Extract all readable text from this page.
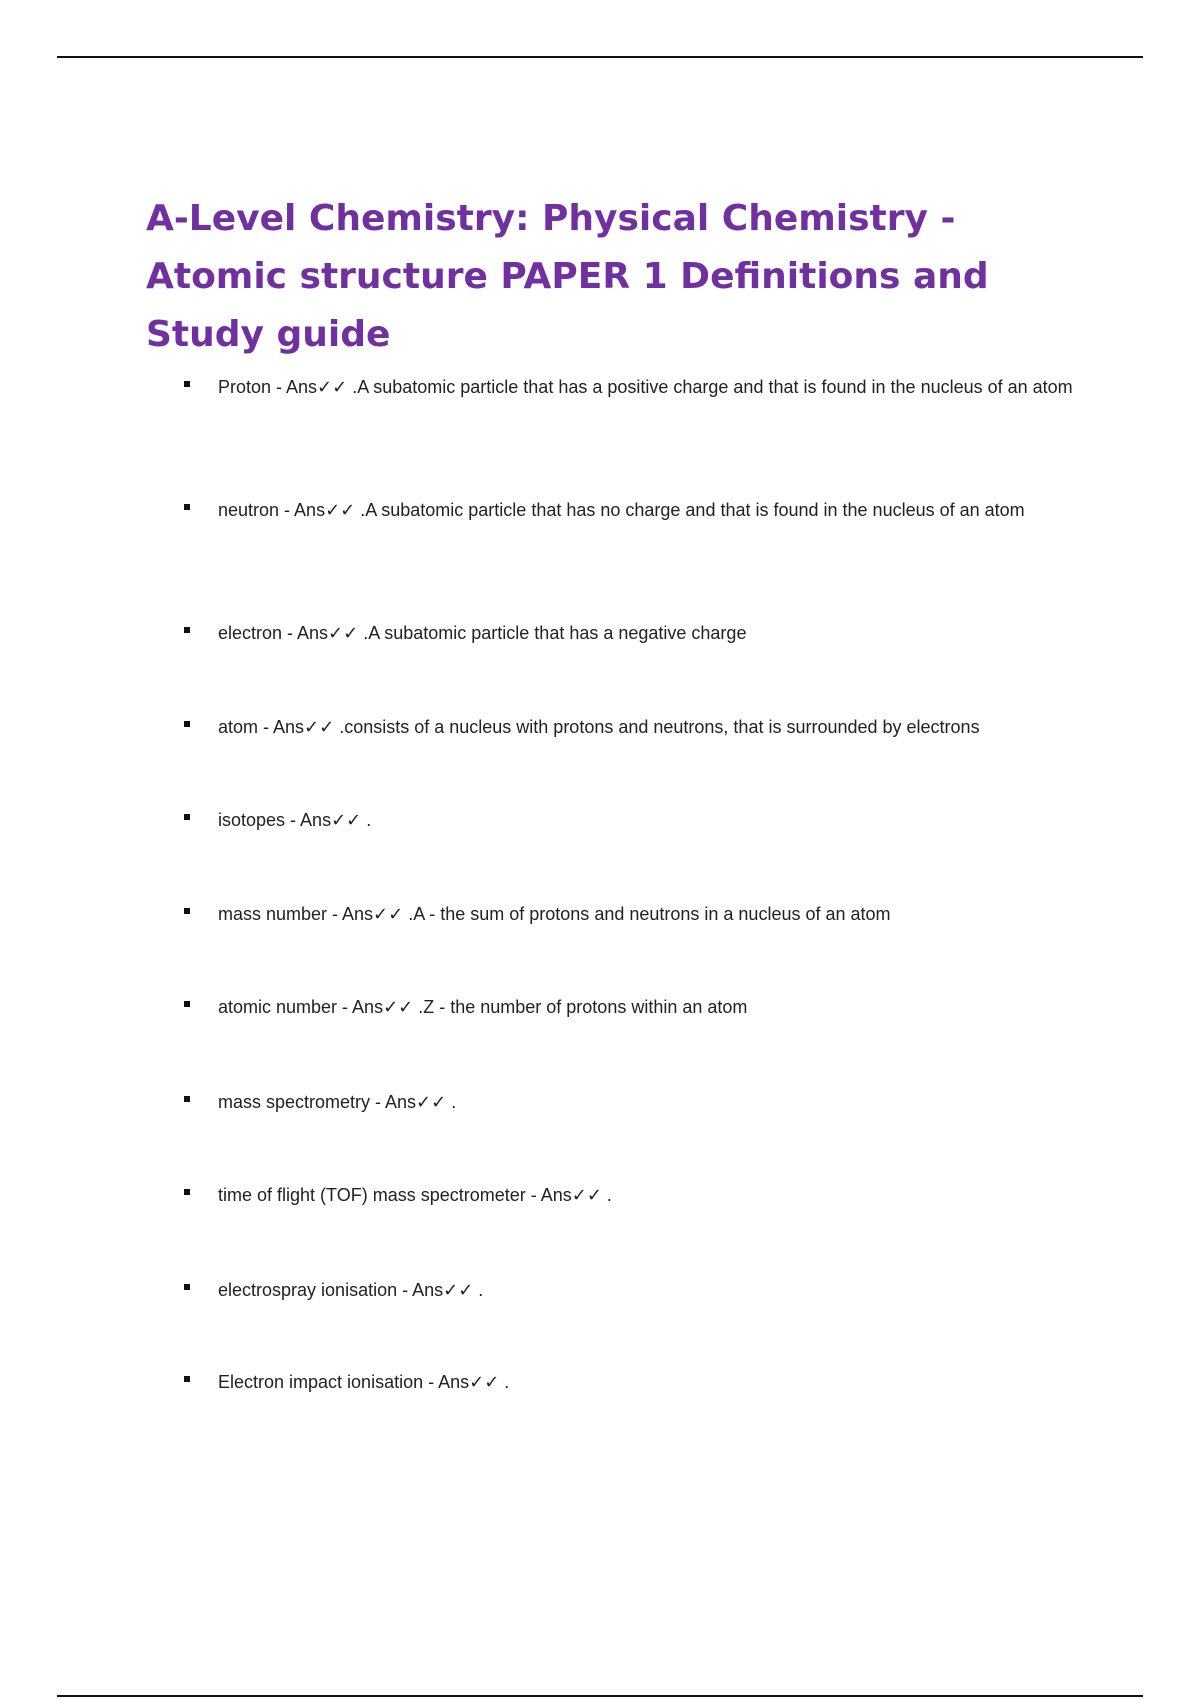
A-Level Chemistry: Physical Chemistry - Atomic structure PAPER 1 Definitions and Study guide
Proton - Ans✓✓ .A subatomic particle that has a positive charge and that is found in the nucleus of an atom
neutron - Ans✓✓ .A subatomic particle that has no charge and that is found in the nucleus of an atom
electron - Ans✓✓ .A subatomic particle that has a negative charge
atom - Ans✓✓ .consists of a nucleus with protons and neutrons, that is surrounded by electrons
isotopes - Ans✓✓ .
mass number - Ans✓✓ .A - the sum of protons and neutrons in a nucleus of an atom
atomic number - Ans✓✓ .Z - the number of protons within an atom
mass spectrometry - Ans✓✓ .
time of flight (TOF) mass spectrometer - Ans✓✓ .
electrospray ionisation - Ans✓✓ .
Electron impact ionisation - Ans✓✓ .
